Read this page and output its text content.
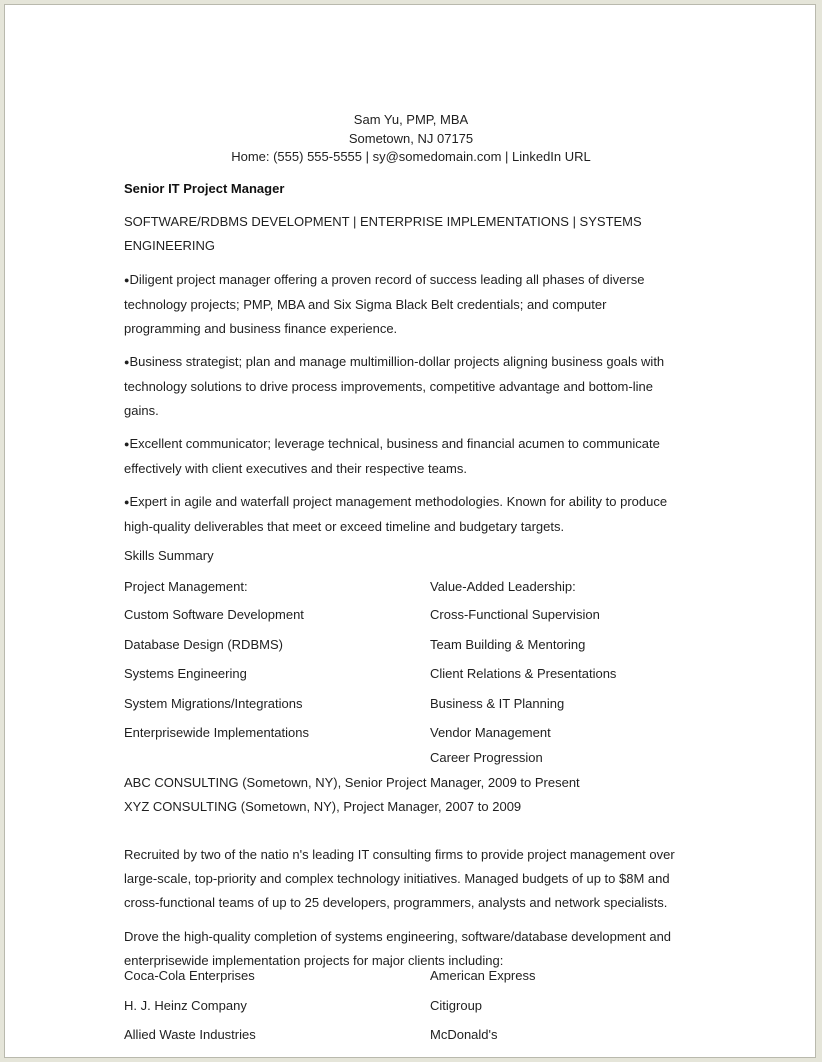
Sam Yu, PMP, MBA
Sometown, NJ 07175
Home: (555) 555-5555 | sy@somedomain.com | LinkedIn URL
Senior IT Project Manager
SOFTWARE/RDBMS DEVELOPMENT | ENTERPRISE IMPLEMENTATIONS | SYSTEMS ENGINEERING
●Diligent project manager offering a proven record of success leading all phases of diverse technology projects; PMP, MBA and Six Sigma Black Belt credentials; and computer programming and business finance experience.
●Business strategist; plan and manage multimillion-dollar projects aligning business goals with technology solutions to drive process improvements, competitive advantage and bottom-line gains.
●Excellent communicator; leverage technical, business and financial acumen to communicate effectively with client executives and their respective teams.
●Expert in agile and waterfall project management methodologies. Known for ability to produce high-quality deliverables that meet or exceed timeline and budgetary targets.
Skills Summary
Project Management:	Value-Added Leadership:
Custom Software Development
Database Design (RDBMS)
Systems Engineering
System Migrations/Integrations
Enterprisewide Implementations
Cross-Functional Supervision
Team Building & Mentoring
Client Relations & Presentations
Business & IT Planning
Vendor Management
Career Progression
ABC CONSULTING (Sometown, NY), Senior Project Manager, 2009 to Present
XYZ CONSULTING (Sometown, NY), Project Manager, 2007 to 2009
Recruited by two of the natio n's leading IT consulting firms to provide project management over large-scale, top-priority and complex technology initiatives. Managed budgets of up to $8M and cross-functional teams of up to 25 developers, programmers, analysts and network specialists.
Drove the high-quality completion of systems engineering, software/database development and enterprisewide implementation projects for major clients including:
Coca-Cola Enterprises
H. J. Heinz Company
Allied Waste Industries
American Express
Citigroup
McDonald's
